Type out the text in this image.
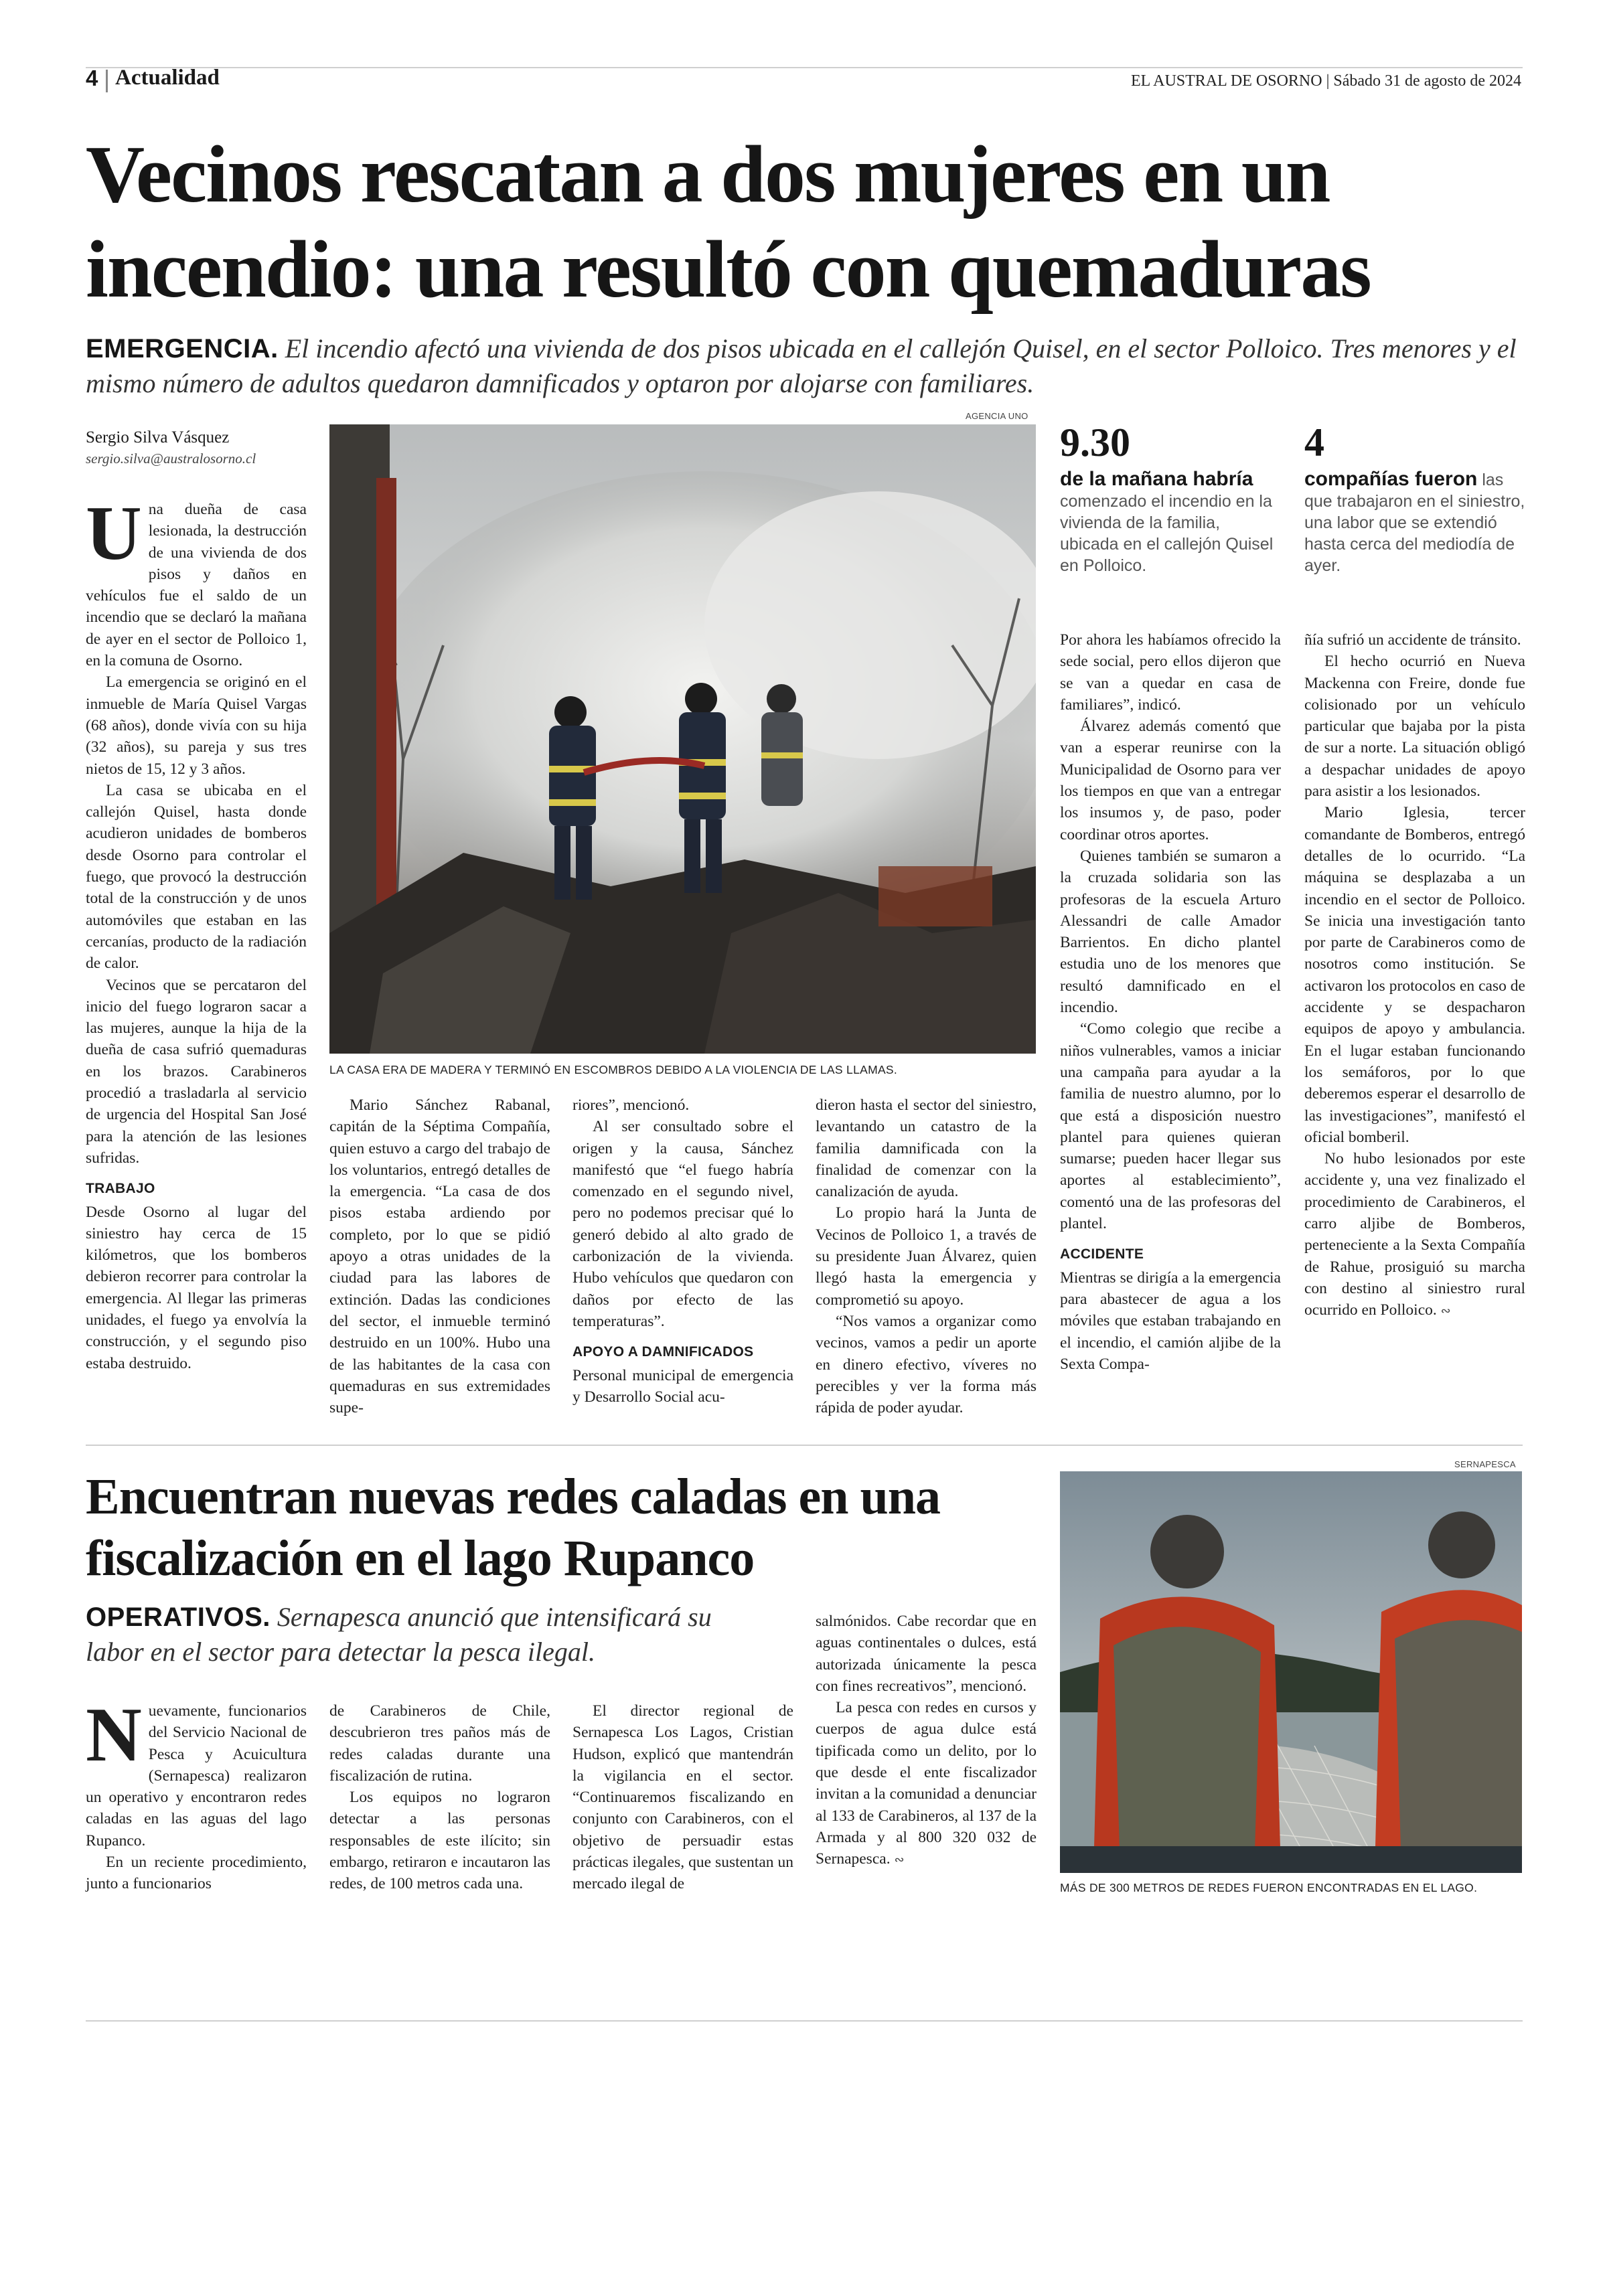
4 Actualidad	EL AUSTRAL DE OSORNO | Sábado 31 de agosto de 2024
Vecinos rescatan a dos mujeres en un incendio: una resultó con quemaduras
EMERGENCIA. El incendio afectó una vivienda de dos pisos ubicada en el callejón Quisel, en el sector Polloico. Tres menores y el mismo número de adultos quedaron damnificados y optaron por alojarse con familiares.
Sergio Silva Vásquez
sergio.silva@australosorno.cl

Una dueña de casa lesionada, la destrucción de una vivienda de dos pisos y daños en vehículos fue el saldo de un incendio que se declaró la mañana de ayer en el sector de Polloico 1, en la comuna de Osorno.

La emergencia se originó en el inmueble de María Quisel Vargas (68 años), donde vivía con su hija (32 años), su pareja y sus tres nietos de 15, 12 y 3 años.

La casa se ubicaba en el callejón Quisel, hasta donde acudieron unidades de bomberos desde Osorno para controlar el fuego, que provocó la destrucción total de la construcción y de unos automóviles que estaban en las cercanías, producto de la radiación de calor.

Vecinos que se percataron del inicio del fuego lograron sacar a las mujeres, aunque la hija de la dueña de casa sufrió quemaduras en los brazos. Carabineros procedió a trasladarla al servicio de urgencia del Hospital San José para la atención de las lesiones sufridas.

TRABAJO

Desde Osorno al lugar del siniestro hay cerca de 15 kilómetros, que los bomberos debieron recorrer para controlar la emergencia. Al llegar las primeras unidades, el fuego ya envolvía la construcción, y el segundo piso estaba destruido.

AGENCIA UNO
LA CASA ERA DE MADERA Y TERMINÓ EN ESCOMBROS DEBIDO A LA VIOLENCIA DE LAS LLAMAS.

Mario Sánchez Rabanal, capitán de la Séptima Compañía, quien estuvo a cargo del trabajo de los voluntarios, entregó detalles de la emergencia. “La casa de dos pisos estaba ardiendo por completo, por lo que se pidió apoyo a otras unidades de la ciudad para las labores de extinción. Dadas las condiciones del sector, el inmueble terminó destruido en un 100%. Hubo una de las habitantes de la casa con quemaduras en sus extremidades supe-

riores”, mencionó.

Al ser consultado sobre el origen y la causa, Sánchez manifestó que “el fuego habría comenzado en el segundo nivel, pero no podemos precisar qué lo generó debido al alto grado de carbonización de la vivienda. Hubo vehículos que quedaron con daños por efecto de las temperaturas”.

APOYO A DAMNIFICADOS

Personal municipal de emergencia y Desarrollo Social acu-

dieron hasta el sector del siniestro, levantando un catastro de la familia damnificada con la finalidad de comenzar con la canalización de ayuda.

Lo propio hará la Junta de Vecinos de Polloico 1, a través de su presidente Juan Álvarez, quien llegó hasta la emergencia y comprometió su apoyo.

“Nos vamos a organizar como vecinos, vamos a pedir un aporte en dinero efectivo, víveres no perecibles y ver la forma más rápida de poder ayudar.

9.30
de la mañana habría comenzado el incendio en la vivienda de la familia, ubicada en el callejón Quisel en Polloico.
4
compañías fueron las que trabajaron en el siniestro, una labor que se extendió hasta cerca del mediodía de ayer.

Por ahora les habíamos ofrecido la sede social, pero ellos dijeron que se van a quedar en casa de familiares”, indicó.

Álvarez además comentó que van a esperar reunirse con la Municipalidad de Osorno para ver los tiempos en que van a entregar los insumos y, de paso, poder coordinar otros aportes.

Quienes también se sumaron a la cruzada solidaria son las profesoras de la escuela Arturo Alessandri de calle Amador Barrientos. En dicho plantel estudia uno de los menores que resultó damnificado en el incendio.

“Como colegio que recibe a niños vulnerables, vamos a iniciar una campaña para ayudar a la familia de nuestro alumno, por lo que está a disposición nuestro plantel para quienes quieran sumarse; pueden hacer llegar sus aportes al establecimiento”, comentó una de las profesoras del plantel.

ACCIDENTE

Mientras se dirigía a la emergencia para abastecer de agua a los móviles que estaban trabajando en el incendio, el camión aljibe de la Sexta Compa-

ñía sufrió un accidente de tránsito.

El hecho ocurrió en Nueva Mackenna con Freire, donde fue colisionado por un vehículo particular que bajaba por la pista de sur a norte. La situación obligó a despachar unidades de apoyo para asistir a los lesionados.

Mario Iglesia, tercer comandante de Bomberos, entregó detalles de lo ocurrido. “La máquina se desplazaba a un incendio en el sector de Polloico. Se inicia una investigación tanto por parte de Carabineros como de nosotros como institución. Se activaron los protocolos en caso de accidente y se despacharon equipos de apoyo y ambulancia. En el lugar estaban funcionando los semáforos, por lo que deberemos esperar el desarrollo de las investigaciones”, manifestó el oficial bomberil.

No hubo lesionados por este accidente y, una vez finalizado el procedimiento de Carabineros, el carro aljibe de Bomberos, perteneciente a la Sexta Compañía de Rahue, prosiguió su marcha con destino al siniestro rural ocurrido en Polloico. ∾

Encuentran nuevas redes caladas en una fiscalización en el lago Rupanco
OPERATIVOS. Sernapesca anunció que intensificará su labor en el sector para detectar la pesca ilegal.

Nuevamente, funcionarios del Servicio Nacional de Pesca y Acuicultura (Sernapesca) realizaron un operativo y encontraron redes caladas en las aguas del lago Rupanco.

En un reciente procedimiento, junto a funcionarios

de Carabineros de Chile, descubrieron tres paños más de redes caladas durante una fiscalización de rutina.

Los equipos no lograron detectar a las personas responsables de este ilícito; sin embargo, retiraron e incautaron las redes, de 100 metros cada una.

El director regional de Sernapesca Los Lagos, Cristian Hudson, explicó que mantendrán la vigilancia en el sector. “Continuaremos fiscalizando en conjunto con Carabineros, con el objetivo de persuadir estas prácticas ilegales, que sustentan un mercado ilegal de

salmónidos. Cabe recordar que en aguas continentales o dulces, está autorizada únicamente la pesca con fines recreativos”, mencionó.

La pesca con redes en cursos y cuerpos de agua dulce está tipificada como un delito, por lo que desde el ente fiscalizador invitan a la comunidad a denunciar al 133 de Carabineros, al 137 de la Armada y al 800 320 032 de Sernapesca. ∾

SERNAPESCA
MÁS DE 300 METROS DE REDES FUERON ENCONTRADAS EN EL LAGO.
